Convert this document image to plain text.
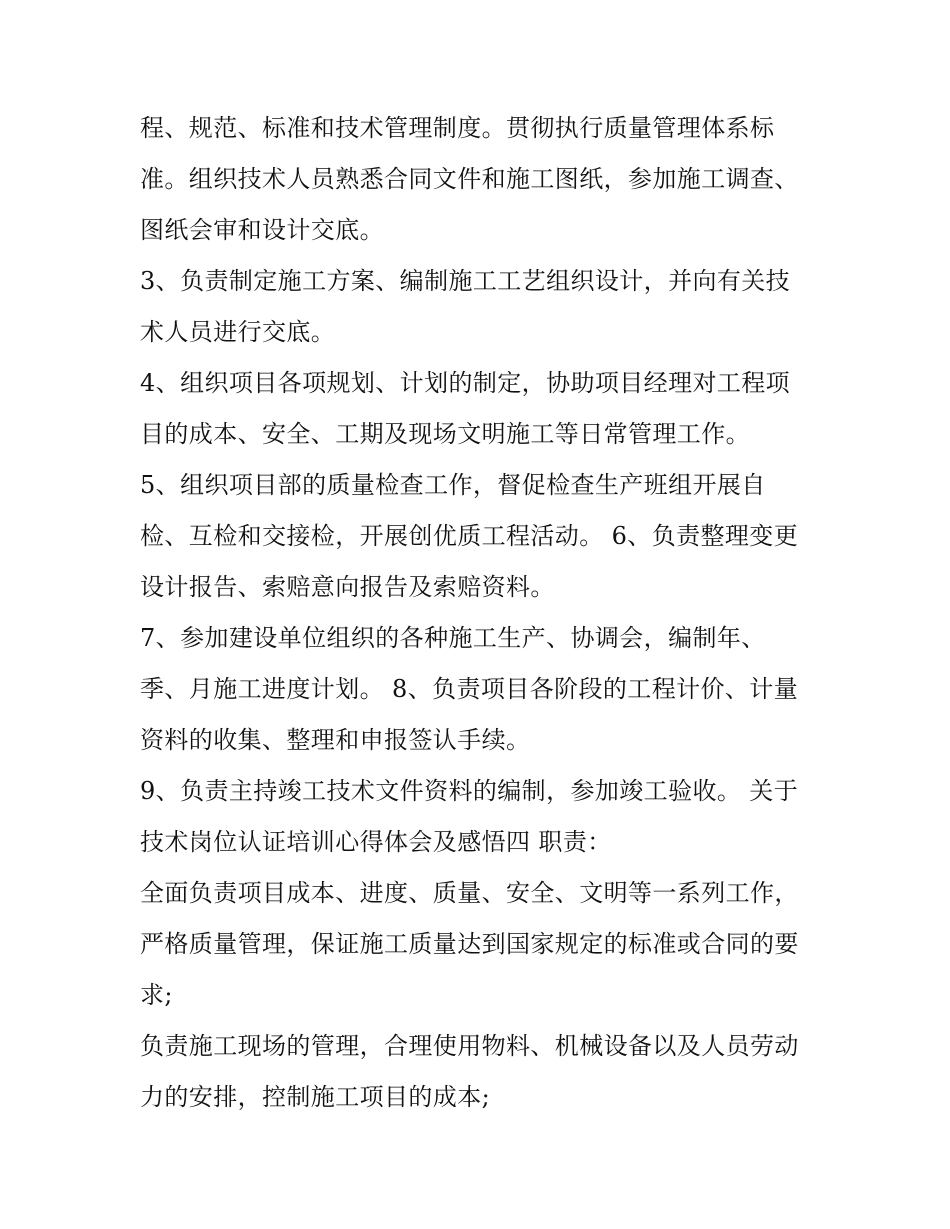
程、规范、标准和技术管理制度。贯彻执行质量管理体系标
准。组织技术人员熟悉合同文件和施工图纸，参加施工调查、
图纸会审和设计交底。
3、负责制定施工方案、编制施工工艺组织设计，并向有关技
术人员进行交底。
4、组织项目各项规划、计划的制定，协助项目经理对工程项
目的成本、安全、工期及现场文明施工等日常管理工作。
5、组织项目部的质量检查工作，督促检查生产班组开展自
检、互检和交接检，开展创优质工程活动。 6、负责整理变更
设计报告、索赔意向报告及索赔资料。
7、参加建设单位组织的各种施工生产、协调会，编制年、
季、月施工进度计划。 8、负责项目各阶段的工程计价、计量
资料的收集、整理和申报签认手续。
9、负责主持竣工技术文件资料的编制，参加竣工验收。 关于
技术岗位认证培训心得体会及感悟四 职责：
全面负责项目成本、进度、质量、安全、文明等一系列工作，
严格质量管理，保证施工质量达到国家规定的标准或合同的要
求;
负责施工现场的管理，合理使用物料、机械设备以及人员劳动
力的安排，控制施工项目的成本;
